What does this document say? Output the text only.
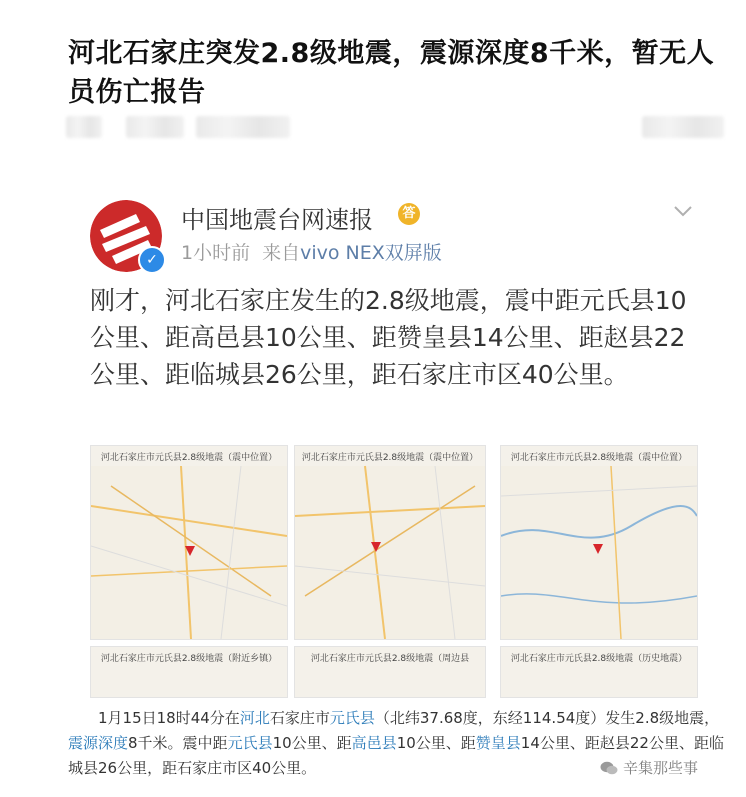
河北石家庄突发2.8级地震，震源深度8千米，暂无人员伤亡报告
✓
中国地震台网速报	答
1小时前 来自vivo NEX双屏版
刚才，河北石家庄发生的2.8级地震，震中距元氏县10公里、距高邑县10公里、距赞皇县14公里、距赵县22公里、距临城县26公里，距石家庄市区40公里。
河北石家庄市元氏县2.8级地震（震中位置）	河北石家庄市元氏县2.8级地震（震中位置）	河北石家庄市元氏县2.8级地震（震中位置）
河北石家庄市元氏县2.8级地震（附近乡镇）	河北石家庄市元氏县2.8级地震（周边县	河北石家庄市元氏县2.8级地震（历史地震）

1月15日18时44分在河北石家庄市元氏县（北纬37.68度，东经114.54度）发生2.8级地震，震源深度8千米。震中距元氏县10公里、距高邑县10公里、距赞皇县14公里、距赵县22公里、距临城县26公里，距石家庄市区40公里。	辛集那些事
